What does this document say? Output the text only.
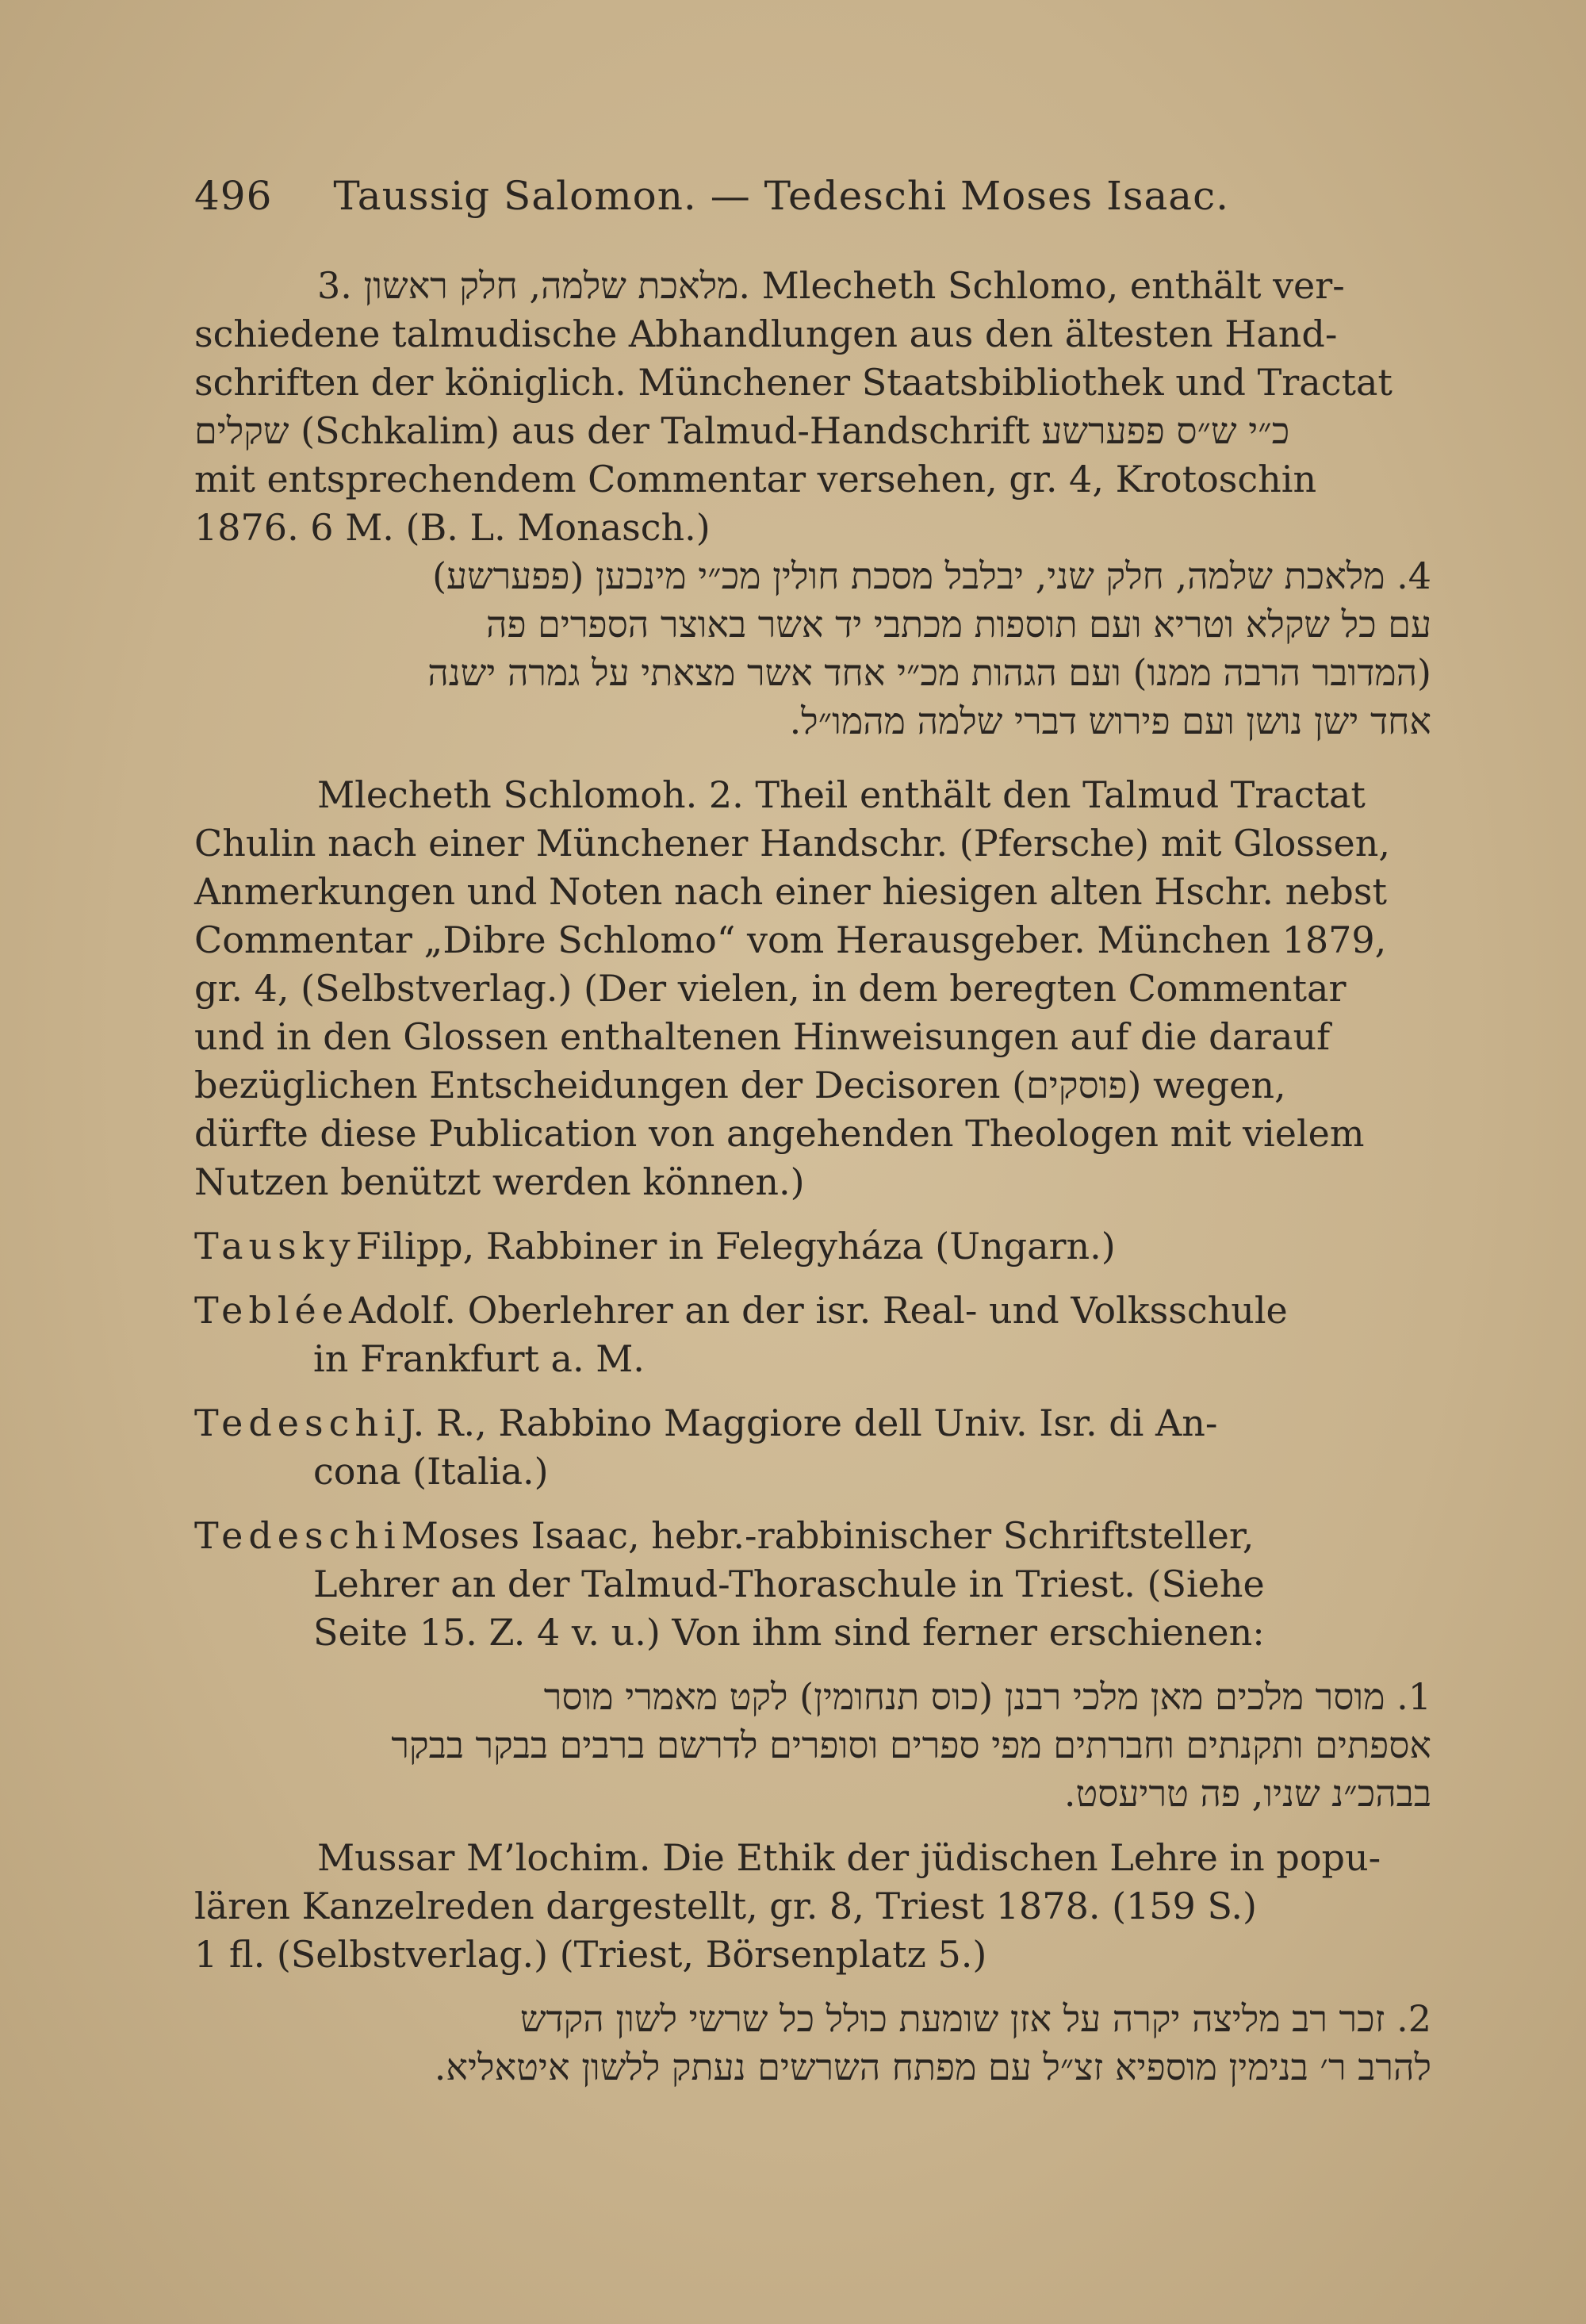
496 Taussig Salomon. — Tedeschi Moses Isaac.
3. מלאכת שלמה, חלק ראשון. Mlecheth Schlomo, enthält ver-
schiedene talmudische Abhandlungen aus den ältesten Hand-
schriften der königlich. Münchener Staatsbibliothek und Tractat
שקלים (Schkalim) aus der Talmud-Handschrift כ״י ש״ס פפערשע
mit entsprechendem Commentar versehen, gr. 4, Krotoschin
1876. 6 M. (B. L. Monasch.)
4. מלאכת שלמה, חלק שני, יבלבל מסכת חולין מכ״י מינכען (פפערשע)
עם כל שקלא וטריא ועם תוספות מכתבי יד אשר באוצר הספרים פה
(המדובר הרבה ממנו) ועם הגהות מכ״י אחד אשר מצאתי על גמרה ישנה
אחד ישן נושן ועם פירוש דברי שלמה מהמו״ל.
Mlecheth Schlomoh. 2. Theil enthält den Talmud Tractat
Chulin nach einer Münchener Handschr. (Pfersche) mit Glossen,
Anmerkungen und Noten nach einer hiesigen alten Hschr. nebst
Commentar „Dibre Schlomo“ vom Herausgeber. München 1879,
gr. 4, (Selbstverlag.) (Der vielen, in dem beregten Commentar
und in den Glossen enthaltenen Hinweisungen auf die darauf
bezüglichen Entscheidungen der Decisoren (פוסקים) wegen,
dürfte diese Publication von angehenden Theologen mit vielem
Nutzen benützt werden können.)
Tausky Filipp, Rabbiner in Felegyháza (Ungarn.)
Teblée Adolf. Oberlehrer an der isr. Real- und Volksschule
in Frankfurt a. M.
Tedeschi J. R., Rabbino Maggiore dell Univ. Isr. di An-
cona (Italia.)
Tedeschi Moses Isaac, hebr.-rabbinischer Schriftsteller,
Lehrer an der Talmud-Thoraschule in Triest. (Siehe
Seite 15. Z. 4 v. u.) Von ihm sind ferner erschienen:
1. מוסר מלכים מאן מלכי רבנן (כוס תנחומין) לקט מאמרי מוסר
אספתים ותקנתים וחברתים מפי ספרים וסופרים לדרשם ברבים בבקר בבקר
בבהכ״נ שניו, פה טריעסט.
Mussar M’lochim. Die Ethik der jüdischen Lehre in popu-
lären Kanzelreden dargestellt, gr. 8, Triest 1878. (159 S.)
1 fl. (Selbstverlag.) (Triest, Börsenplatz 5.)
2. זכר רב מליצה יקרה על אזן שומעת כולל כל שרשי לשון הקדש
להרב ר׳ בנימין מוספיא זצ״ל עם מפתח השרשים נעתק ללשון איטאליא.
